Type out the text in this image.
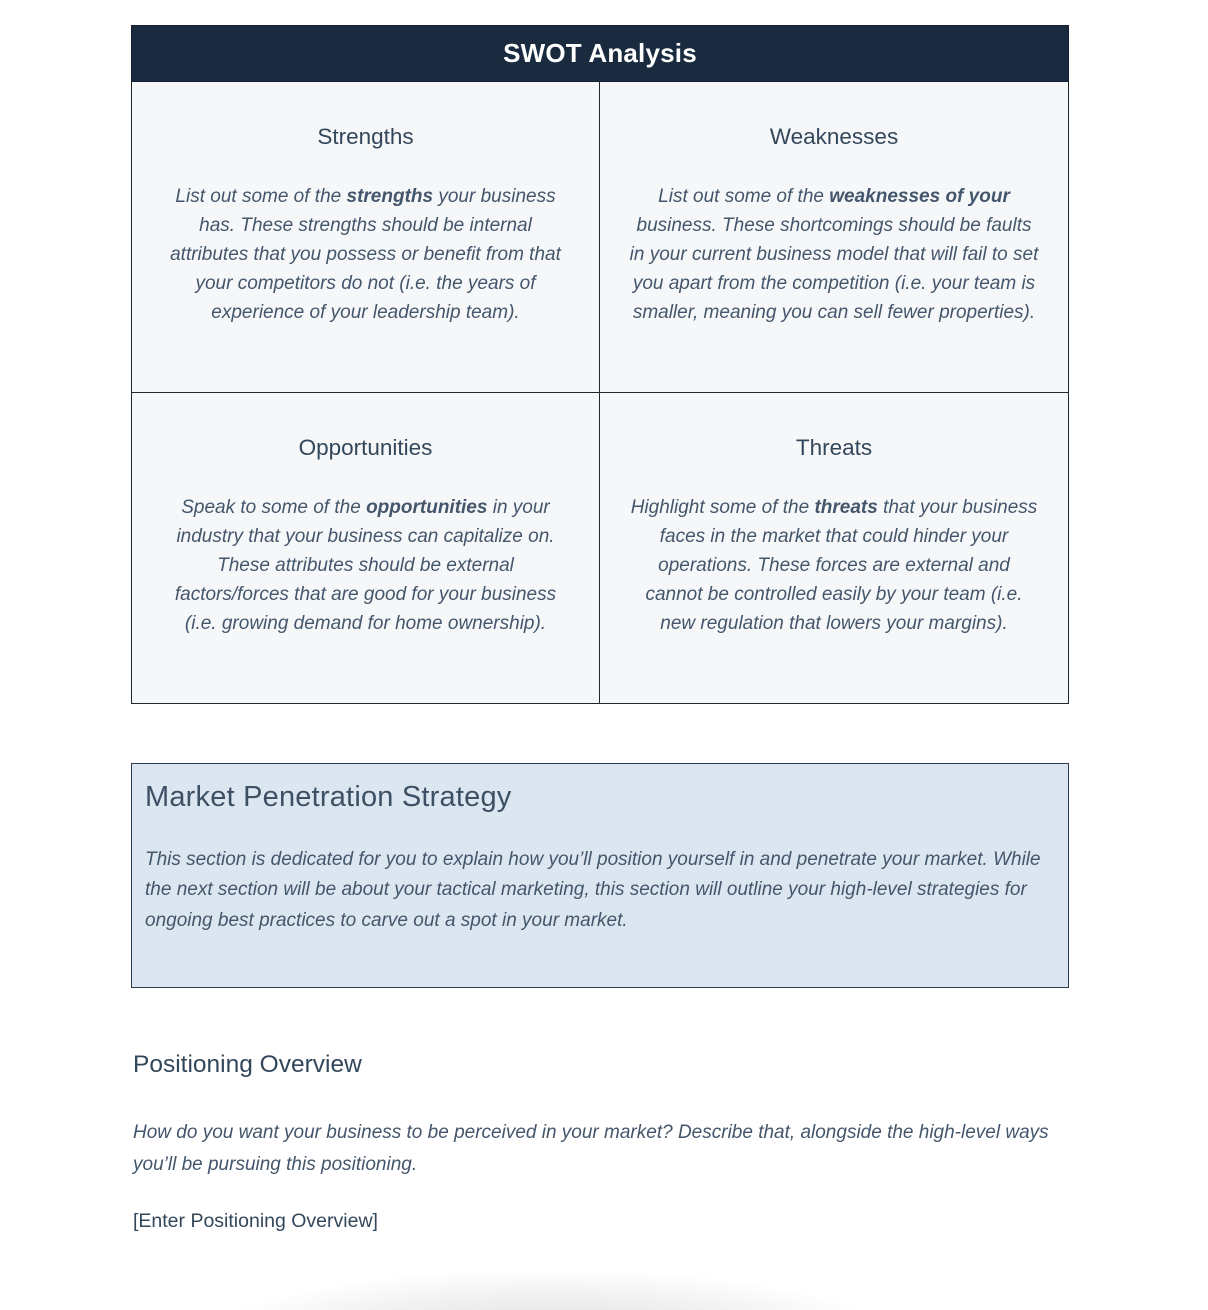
SWOT Analysis
Strengths

List out some of the strengths your business has. These strengths should be internal attributes that you possess or benefit from that your competitors do not (i.e. the years of experience of your leadership team).

Weaknesses

List out some of the weaknesses of your business. These shortcomings should be faults in your current business model that will fail to set you apart from the competition (i.e. your team is smaller, meaning you can sell fewer properties).

Opportunities

Speak to some of the opportunities in your industry that your business can capitalize on. These attributes should be external factors/forces that are good for your business (i.e. growing demand for home ownership).

Threats

Highlight some of the threats that your business faces in the market that could hinder your operations. These forces are external and cannot be controlled easily by your team (i.e. new regulation that lowers your margins).

Market Penetration Strategy

This section is dedicated for you to explain how you’ll position yourself in and penetrate your market. While the next section will be about your tactical marketing, this section will outline your high-level strategies for ongoing best practices to carve out a spot in your market.

Positioning Overview

How do you want your business to be perceived in your market? Describe that, alongside the high-level ways you’ll be pursuing this positioning.

[Enter Positioning Overview]
